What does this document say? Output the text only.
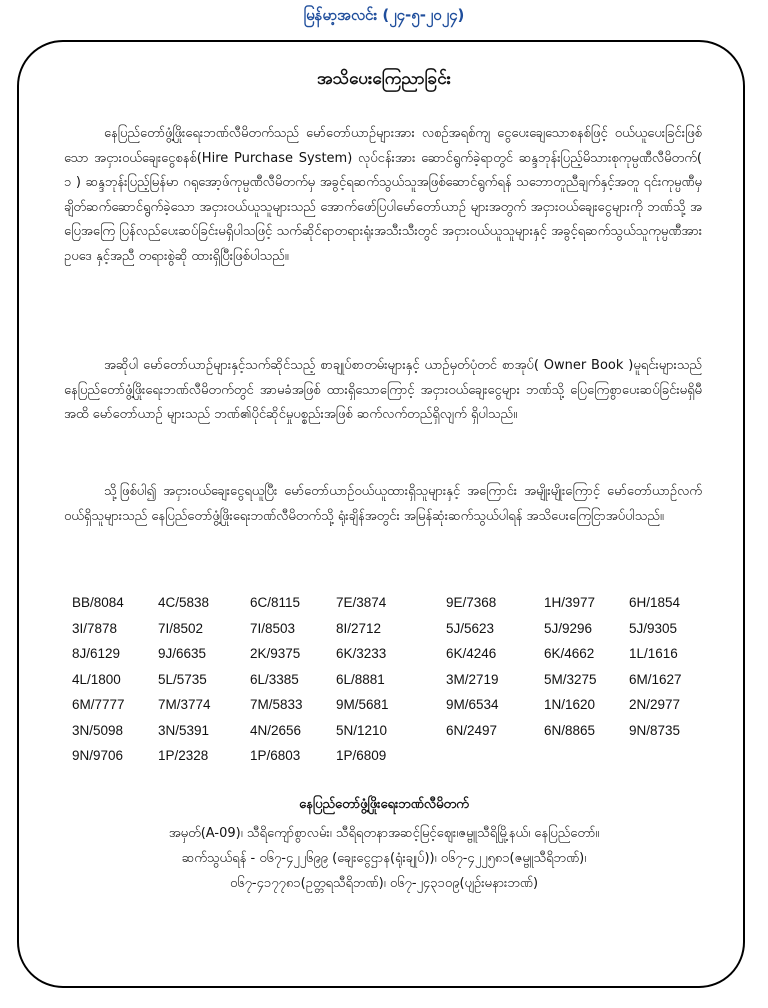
မြန်မာ့အလင်း (၂၄-၅-၂၀၂၄)
အသိပေးကြေညာခြင်း

နေပြည်တော်ဖွံ့ဖြိုးရေးဘဏ်လီမိတက်သည် မော်တော်ယာဉ်များအား လစဉ်အရစ်ကျ ငွေပေးချေသောစနစ်ဖြင့် ဝယ်ယူပေးခြင်းဖြစ်သော အငှားဝယ်ချေးငွေစနစ်(Hire Purchase System) လုပ်ငန်းအား ဆောင်ရွက်ခဲ့ရာတွင် ဆန္ဒဘုန်းပြည့်မိသားစုကုမ္ပဏီလီမိတက်( ၁ ) ဆန္ဒဘုန်းပြည့်မြန်မာ ဂရုအော့ဖ်ကုမ္ပဏီလီမိတက်မှ အခွင့်ရဆက်သွယ်သူအဖြစ်ဆောင်ရွက်ရန် သဘောတူညီချက်နှင့်အတူ ၎င်းကုမ္ပဏီမှ ချိတ်ဆက်ဆောင်ရွက်ခဲ့သော အငှားဝယ်ယူသူများသည် အောက်ဖော်ပြပါမော်တော်ယာဉ် များအတွက် အငှားဝယ်ချေးငွေများကို ဘဏ်သို့ အပြေအကြေ ပြန်လည်ပေးဆပ်ခြင်းမရှိပါသဖြင့် သက်ဆိုင်ရာတရားရုံးအသီးသီးတွင် အငှားဝယ်ယူသူများနှင့် အခွင့်ရဆက်သွယ်သူကုမ္ပဏီအား ဥပဒေ နှင့်အညီ တရားစွဲဆို ထားရှိပြီးဖြစ်ပါသည်။

အဆိုပါ မော်တော်ယာဉ်များနှင့်သက်ဆိုင်သည့် စာချုပ်စာတမ်းများနှင့် ယာဉ်မှတ်ပုံတင် စာအုပ်( Owner Book )မူရင်းများသည် နေပြည်တော်ဖွံ့ဖြိုးရေးဘဏ်လီမိတက်တွင် အာမခံအဖြစ် ထားရှိသောကြောင့် အငှားဝယ်ချေးငွေများ ဘဏ်သို့ ပြေကြေစွာပေးဆပ်ခြင်းမရှိမီအထိ မော်တော်ယာဉ် များသည် ဘဏ်၏ပိုင်ဆိုင်မှုပစ္စည်းအဖြစ် ဆက်လက်တည်ရှိလျက် ရှိပါသည်။

သို့ဖြစ်ပါ၍ အငှားဝယ်ချေးငွေရယူပြီး မော်တော်ယာဉ်ဝယ်ယူထားရှိသူများနှင့် အကြောင်း အမျိုးမျိုးကြောင့် မော်တော်ယာဉ်လက်ဝယ်ရှိသူများသည် နေပြည်တော်ဖွံ့ဖြိုးရေးဘဏ်လီမိတက်သို့ ရုံးချိန်အတွင်း အမြန်ဆုံးဆက်သွယ်ပါရန် အသိပေးကြေငြာအပ်ပါသည်။

BB/8084	4C/5838	6C/8115	7E/3874	9E/7368	1H/3977	6H/1854
3I/7878	7I/8502	7I/8503	8I/2712	5J/5623	5J/9296	5J/9305
8J/6129	9J/6635	2K/9375	6K/3233	6K/4246	6K/4662	1L/1616
4L/1800	5L/5735	6L/3385	6L/8881	3M/2719	5M/3275	6M/1627
6M/7777	7M/3774	7M/5833	9M/5681	9M/6534	1N/1620	2N/2977
3N/5098	3N/5391	4N/2656	5N/1210	6N/2497	6N/8865	9N/8735
9N/9706	1P/2328	1P/6803	1P/6809
နေပြည်တော်ဖွံ့ဖြိုးရေးဘဏ်လီမိတက်
အမှတ်(A-09)၊ သီရိကျော်စွာလမ်း၊ သီရိရတနာအဆင့်မြင့်ဈေး၊ဇမ္ဗူသီရိမြို့နယ်၊ နေပြည်တော်။
ဆက်သွယ်ရန် - ၀၆၇-၄၂၂၆၉၉ (ချေးငွေဌာန(ရုံးချုပ်))၊ ၀၆၇-၄၂၂၅၈၁(ဇမ္ဗူသီရိဘဏ်)၊
၀၆၇-၄၁၇၇၈၁(ဥတ္တရသီရိဘဏ်)၊ ၀၆၇-၂၄၃၁၀၉(ပျဉ်းမနားဘဏ်)
